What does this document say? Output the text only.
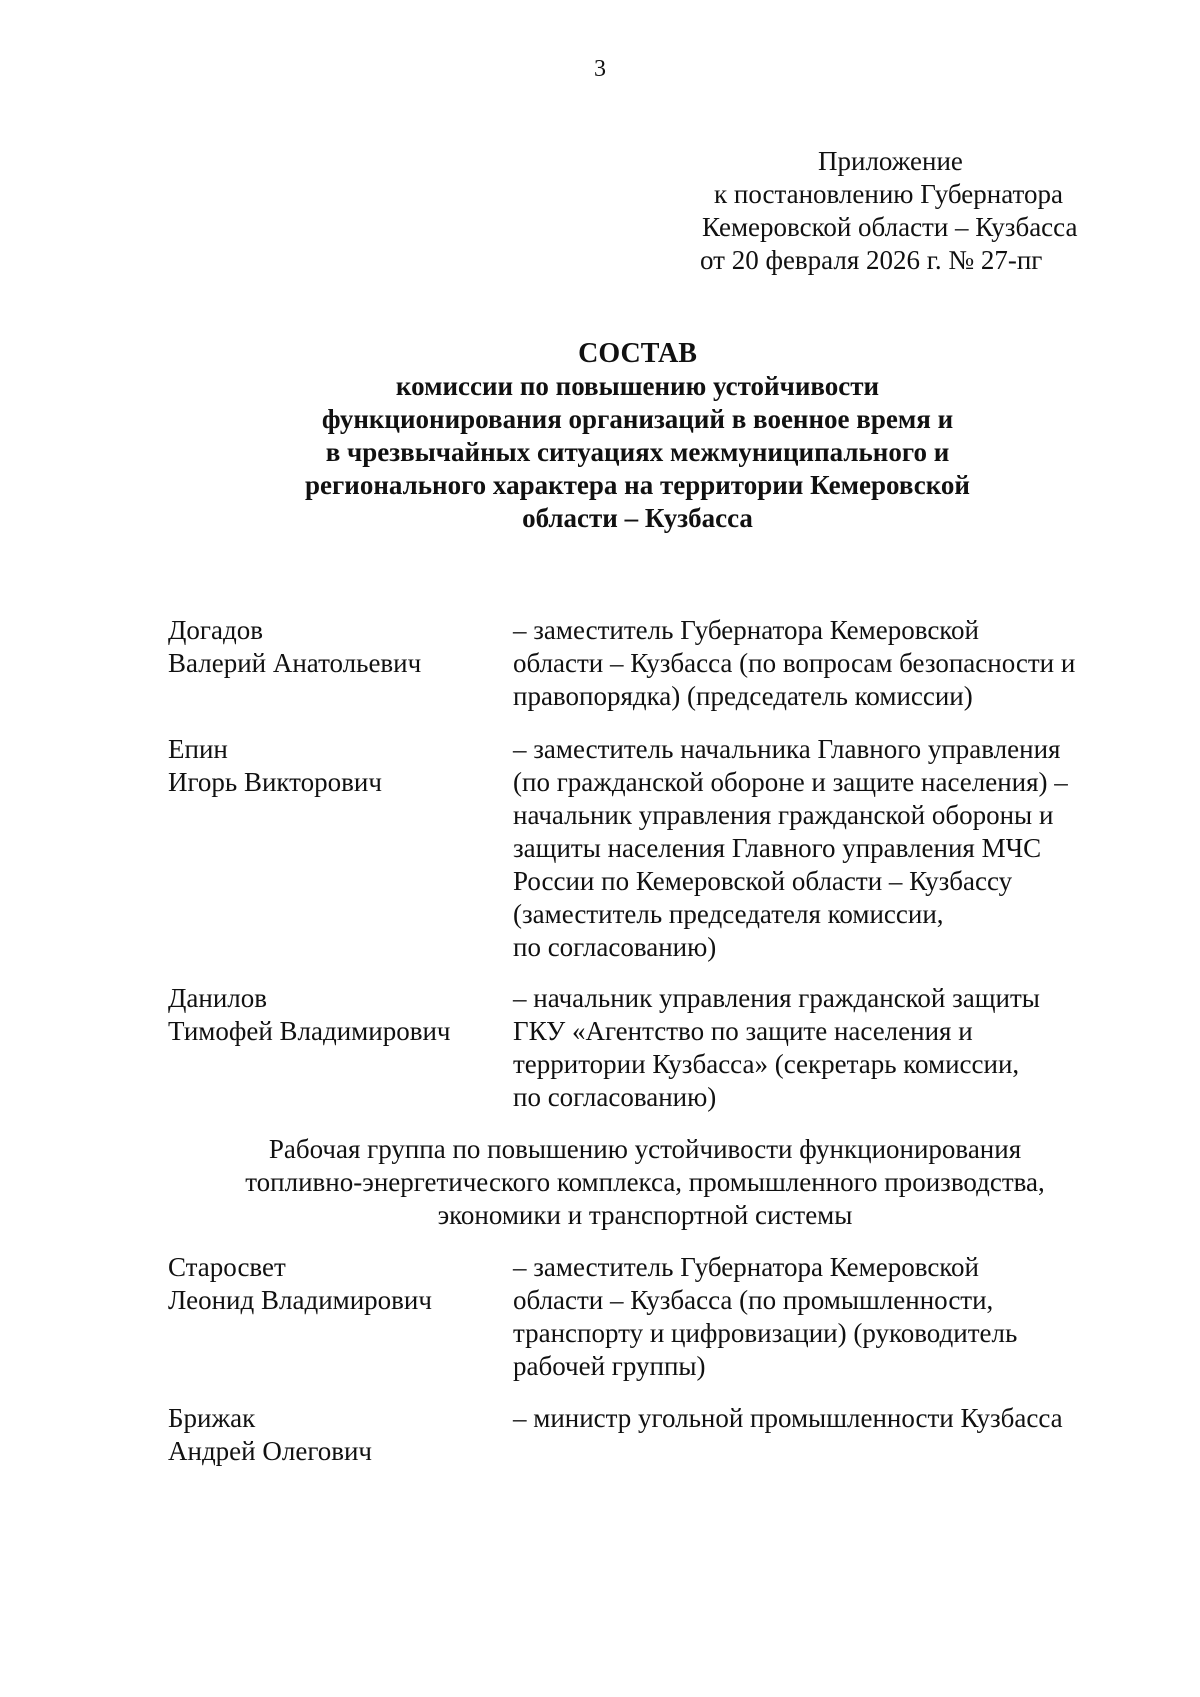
3
Приложение
к постановлению Губернатора
Кемеровской области – Кузбасса
от 20 февраля 2026 г. № 27-пг
СОСТАВ
комиссии по повышению устойчивости
функционирования организаций в военное время и
в чрезвычайных ситуациях межмуниципального и
регионального характера на территории Кемеровской
области – Кузбасса
Догадов
Валерий Анатольевич
– заместитель Губернатора Кемеровской
области – Кузбасса (по вопросам безопасности и
правопорядка) (председатель комиссии)
Епин
Игорь Викторович
– заместитель начальника Главного управления
(по гражданской обороне и защите населения) –
начальник управления гражданской обороны и
защиты населения Главного управления МЧС
России по Кемеровской области – Кузбассу
(заместитель председателя комиссии,
по согласованию)
Данилов
Тимофей Владимирович
– начальник управления гражданской защиты
ГКУ «Агентство по защите населения и
территории Кузбасса» (секретарь комиссии,
по согласованию)
Рабочая группа по повышению устойчивости функционирования
топливно-энергетического комплекса, промышленного производства,
экономики и транспортной системы
Старосвет
Леонид Владимирович
– заместитель Губернатора Кемеровской
области – Кузбасса (по промышленности,
транспорту и цифровизации) (руководитель
рабочей группы)
Брижак
Андрей Олегович
– министр угольной промышленности Кузбасса
